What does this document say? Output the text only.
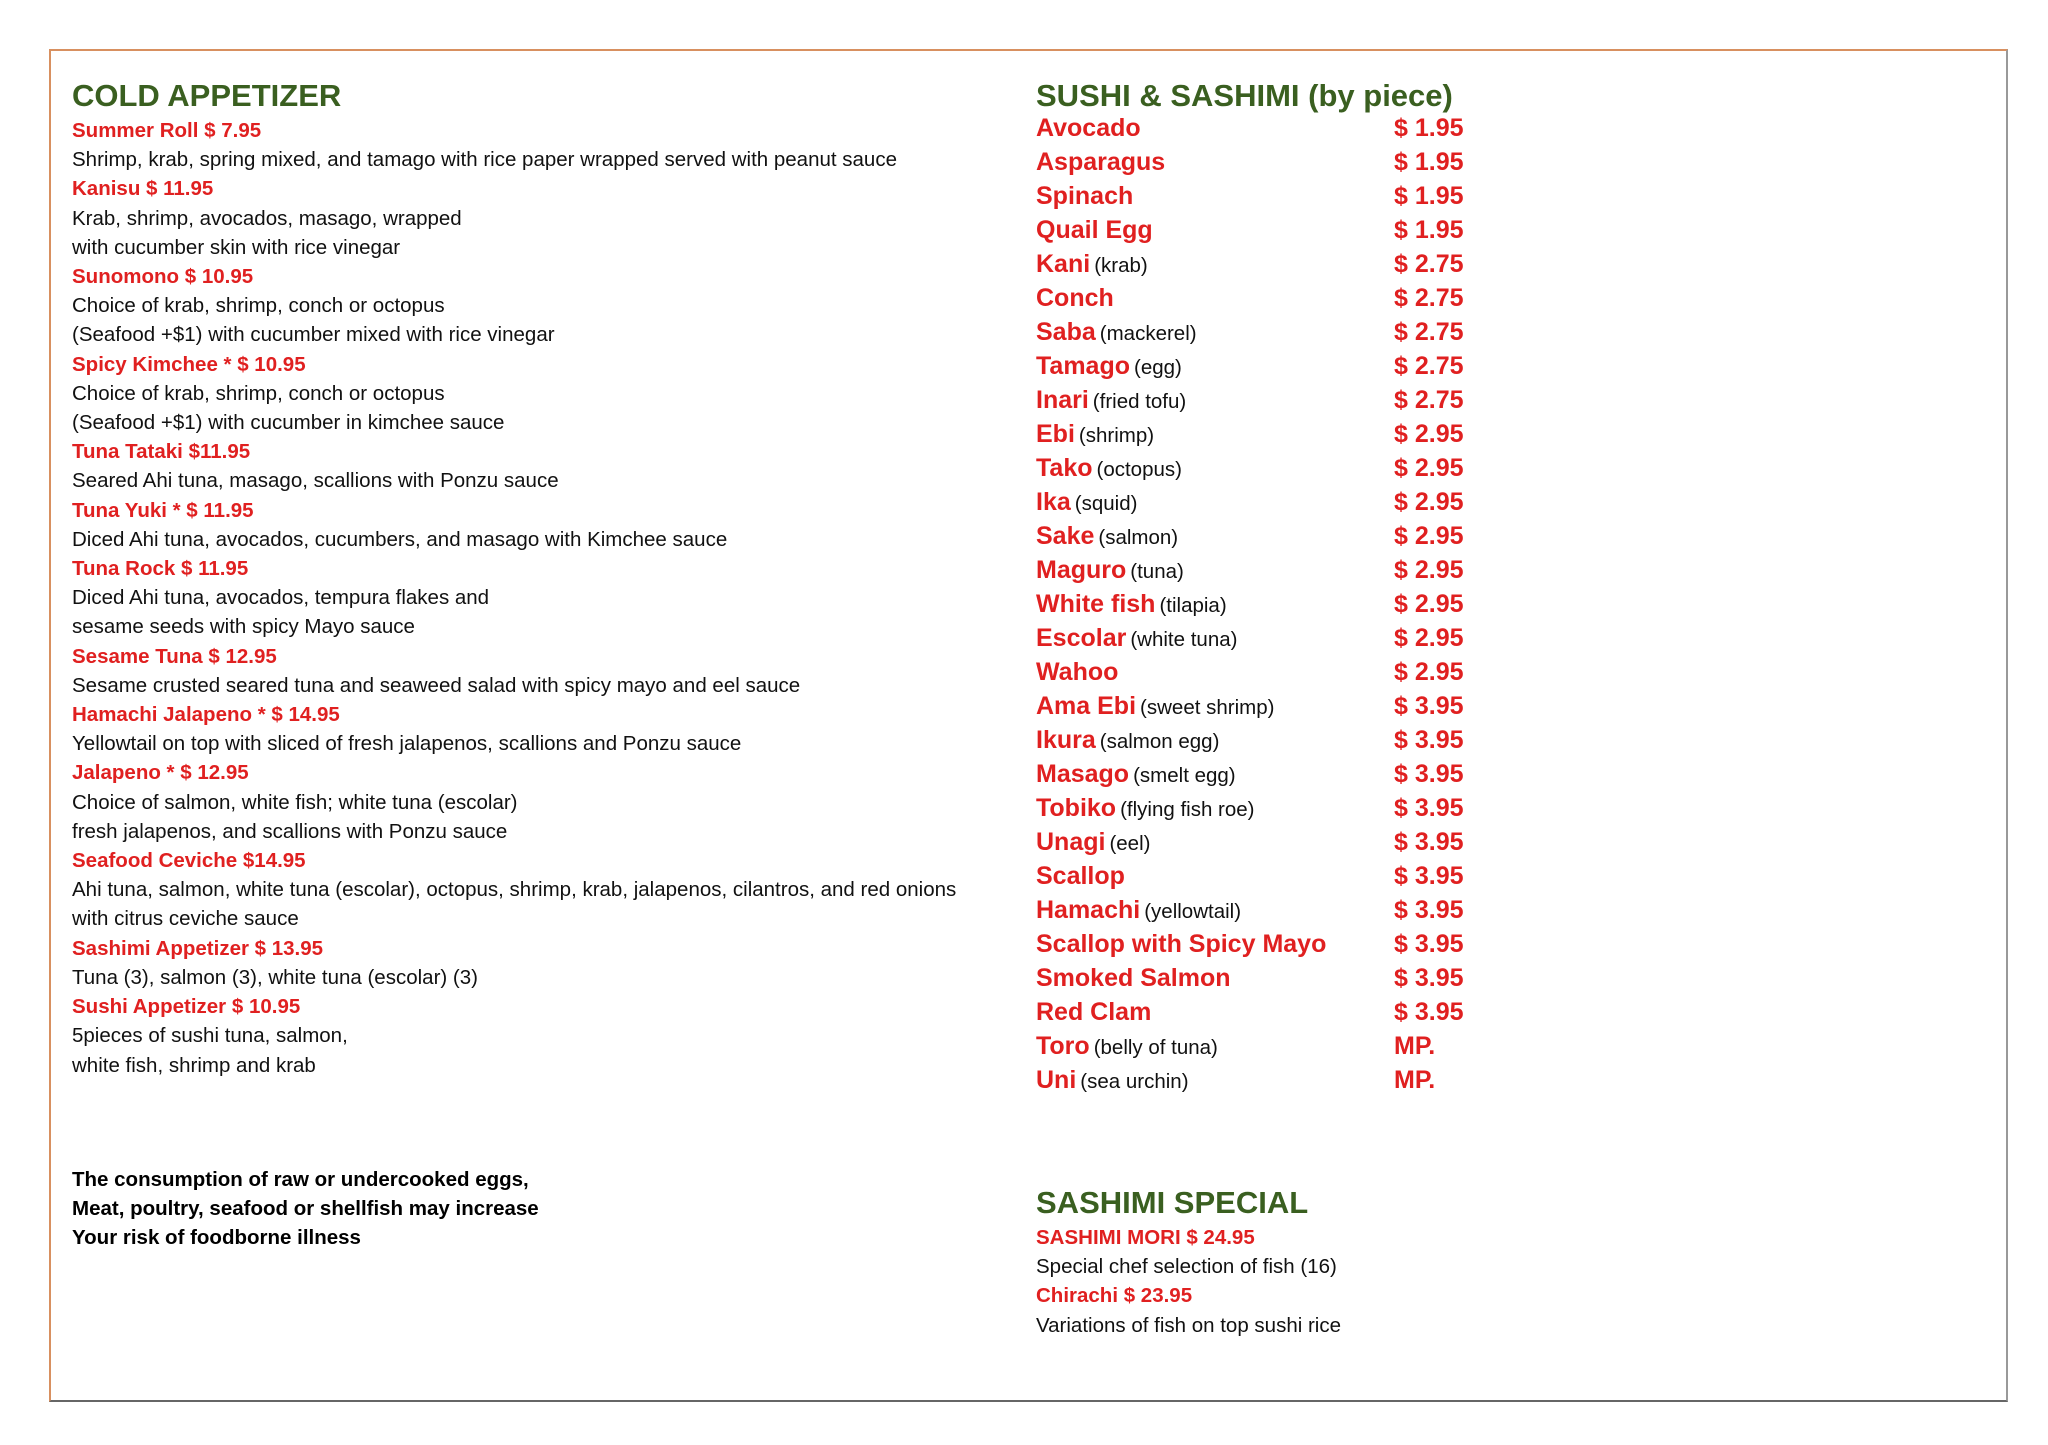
COLD APPETIZER
Summer Roll $ 7.95
Shrimp, krab, spring mixed, and tamago with rice paper wrapped served with peanut sauce
Kanisu $ 11.95
Krab, shrimp, avocados, masago, wrapped
with cucumber skin with rice vinegar
Sunomono $ 10.95
Choice of krab, shrimp, conch or octopus
(Seafood +$1) with cucumber mixed with rice vinegar
Spicy Kimchee * $ 10.95
Choice of krab, shrimp, conch or octopus
(Seafood +$1) with cucumber in kimchee sauce
Tuna Tataki $11.95
Seared Ahi tuna, masago, scallions with Ponzu sauce
Tuna Yuki * $ 11.95
Diced Ahi tuna, avocados, cucumbers, and masago with Kimchee sauce
Tuna Rock $ 11.95
Diced Ahi tuna, avocados, tempura flakes and
sesame seeds with spicy Mayo sauce
Sesame Tuna $ 12.95
Sesame crusted seared tuna and seaweed salad with spicy mayo and eel sauce
Hamachi Jalapeno * $ 14.95
Yellowtail on top with sliced of fresh jalapenos, scallions and Ponzu sauce
Jalapeno * $ 12.95
Choice of salmon, white fish; white tuna (escolar)
fresh jalapenos, and scallions with Ponzu sauce
Seafood Ceviche $14.95
Ahi tuna, salmon, white tuna (escolar), octopus, shrimp, krab, jalapenos, cilantros, and red onions
with citrus ceviche sauce
Sashimi Appetizer $ 13.95
Tuna (3), salmon (3), white tuna (escolar) (3)
Sushi Appetizer $ 10.95
5pieces of sushi tuna, salmon,
white fish, shrimp and krab
The consumption of raw or undercooked eggs,
Meat, poultry, seafood or shellfish may increase
Your risk of foodborne illness
SUSHI & SASHIMI (by piece)
Avocado	$ 1.95
Asparagus	$ 1.95
Spinach	$ 1.95
Quail Egg	$ 1.95
Kani (krab)	$ 2.75
Conch	$ 2.75
Saba (mackerel)	$ 2.75
Tamago (egg)	$ 2.75
Inari (fried tofu)	$ 2.75
Ebi (shrimp)	$ 2.95
Tako (octopus)	$ 2.95
Ika (squid)	$ 2.95
Sake (salmon)	$ 2.95
Maguro (tuna)	$ 2.95
White fish (tilapia)	$ 2.95
Escolar (white tuna)	$ 2.95
Wahoo	$ 2.95
Ama Ebi (sweet shrimp)	$ 3.95
Ikura (salmon egg)	$ 3.95
Masago (smelt egg)	$ 3.95
Tobiko (flying fish roe)	$ 3.95
Unagi (eel)	$ 3.95
Scallop	$ 3.95
Hamachi (yellowtail)	$ 3.95
Scallop with Spicy Mayo	$ 3.95
Smoked Salmon	$ 3.95
Red Clam	$ 3.95
Toro (belly of tuna)	MP.
Uni (sea urchin)	MP.
SASHIMI SPECIAL
SASHIMI MORI $ 24.95
Special chef selection of fish (16)
Chirachi $ 23.95
Variations of fish on top sushi rice
